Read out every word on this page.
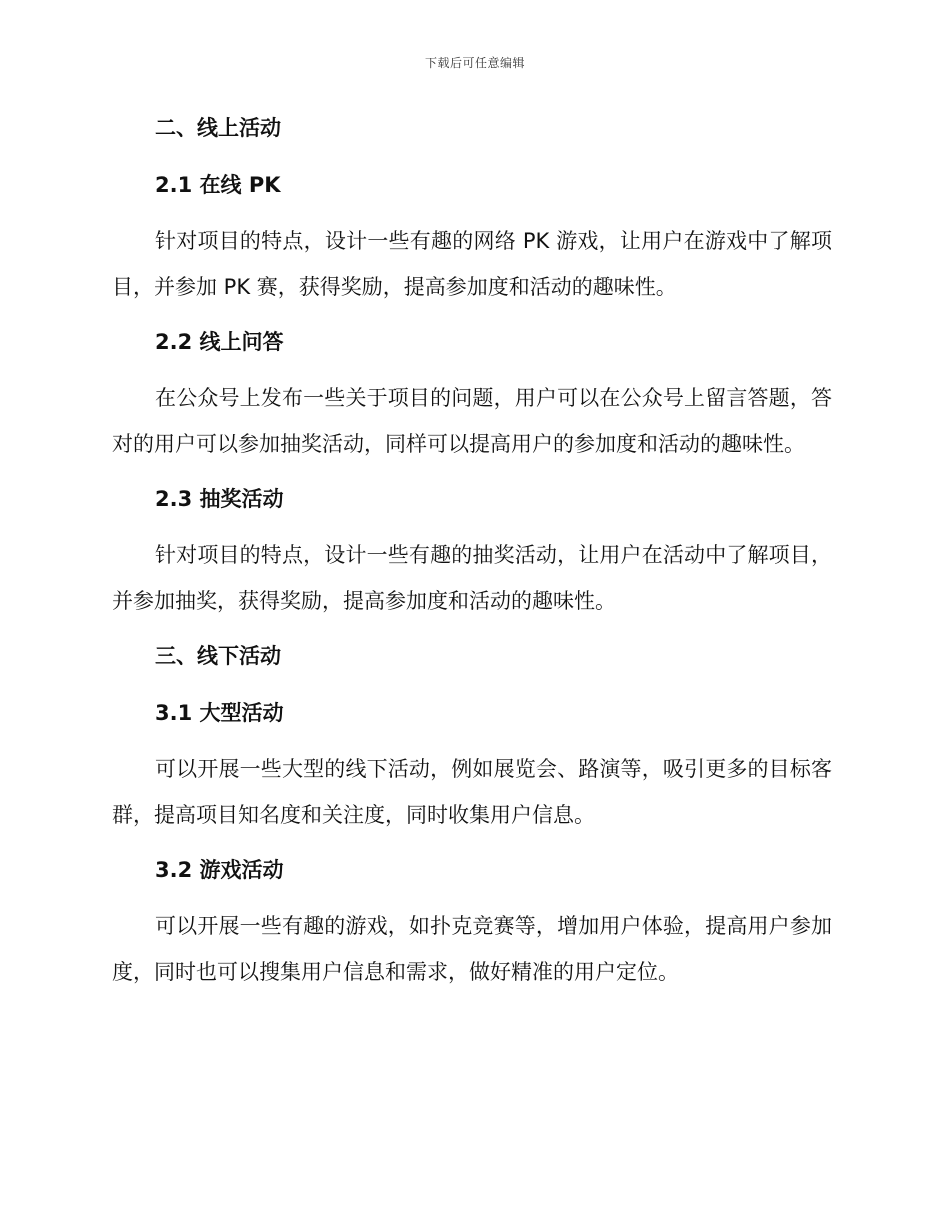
下载后可任意编辑
二、线上活动
2.1 在线 PK

针对项目的特点，设计一些有趣的网络 PK 游戏，让用户在游戏中了解项目，并参加 PK 赛，获得奖励，提高参加度和活动的趣味性。

2.2 线上问答

在公众号上发布一些关于项目的问题，用户可以在公众号上留言答题，答对的用户可以参加抽奖活动，同样可以提高用户的参加度和活动的趣味性。

2.3 抽奖活动

针对项目的特点，设计一些有趣的抽奖活动，让用户在活动中了解项目，并参加抽奖，获得奖励，提高参加度和活动的趣味性。

三、线下活动
3.1 大型活动

可以开展一些大型的线下活动，例如展览会、路演等，吸引更多的目标客群，提高项目知名度和关注度，同时收集用户信息。

3.2 游戏活动

可以开展一些有趣的游戏，如扑克竞赛等，增加用户体验，提高用户参加度，同时也可以搜集用户信息和需求，做好精准的用户定位。
